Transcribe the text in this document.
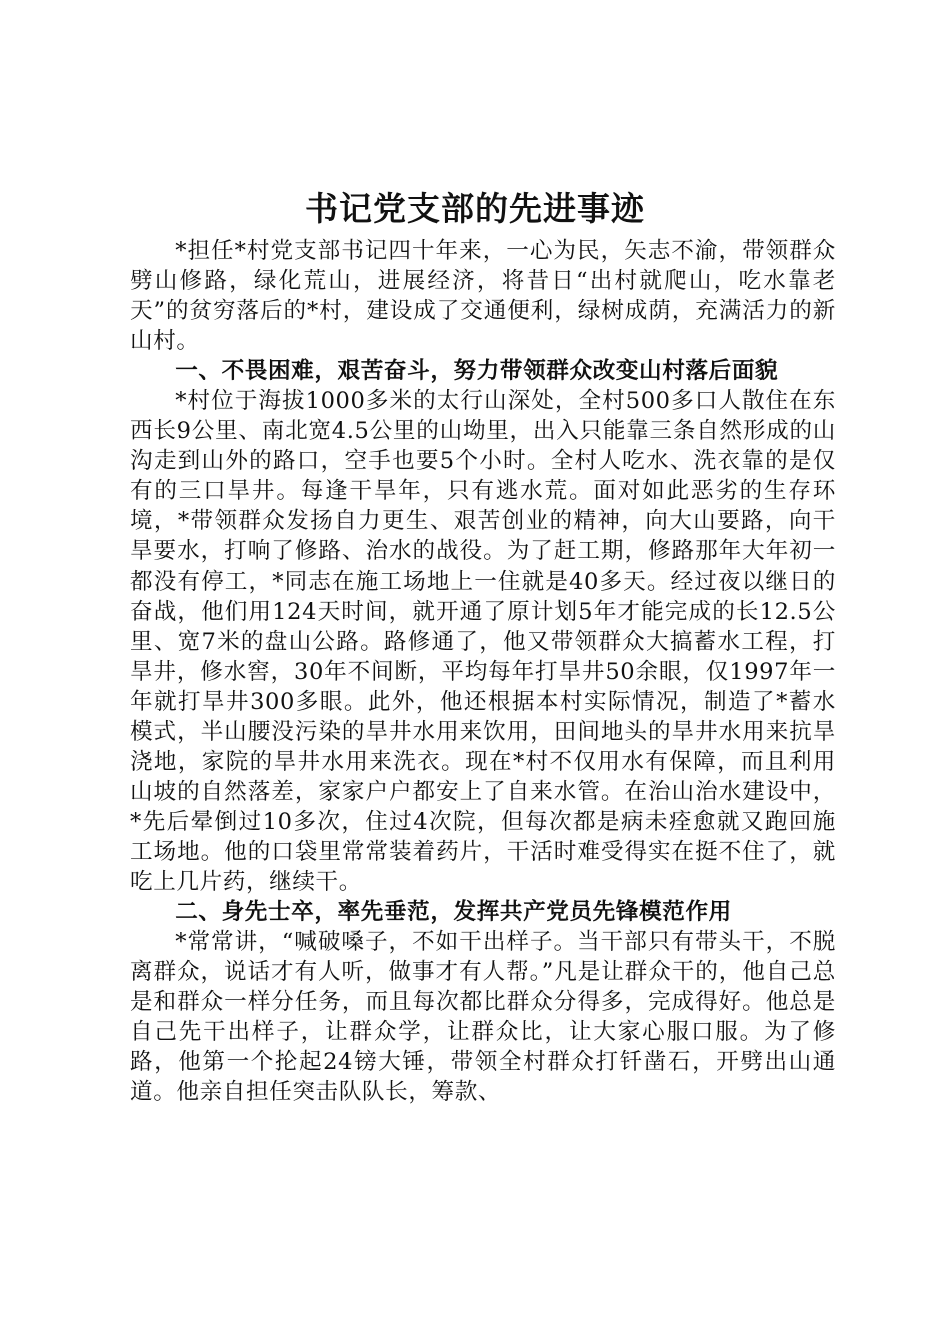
书记党支部的先进事迹

*担任*村党支部书记四十年来，一心为民，矢志不渝，带领群众劈山修路，绿化荒山，进展经济，将昔日“出村就爬山，吃水靠老天”的贫穷落后的*村，建设成了交通便利，绿树成荫，充满活力的新山村。

一、不畏困难，艰苦奋斗，努力带领群众改变山村落后面貌

*村位于海拔1000多米的太行山深处，全村500多口人散住在东西长9公里、南北宽4.5公里的山坳里，出入只能靠三条自然形成的山沟走到山外的路口，空手也要5个小时。全村人吃水、洗衣靠的是仅有的三口旱井。每逢干旱年，只有逃水荒。面对如此恶劣的生存环境，*带领群众发扬自力更生、艰苦创业的精神，向大山要路，向干旱要水，打响了修路、治水的战役。为了赶工期，修路那年大年初一都没有停工，*同志在施工场地上一住就是40多天。经过夜以继日的奋战，他们用124天时间，就开通了原计划5年才能完成的长12.5公里、宽7米的盘山公路。路修通了，他又带领群众大搞蓄水工程，打旱井，修水窖，30年不间断，平均每年打旱井50余眼，仅1997年一年就打旱井300多眼。此外，他还根据本村实际情况，制造了*蓄水模式，半山腰没污染的旱井水用来饮用，田间地头的旱井水用来抗旱浇地，家院的旱井水用来洗衣。现在*村不仅用水有保障，而且利用山坡的自然落差，家家户户都安上了自来水管。在治山治水建设中，*先后晕倒过10多次，住过4次院，但每次都是病未痊愈就又跑回施工场地。他的口袋里常常装着药片，干活时难受得实在挺不住了，就吃上几片药，继续干。

二、身先士卒，率先垂范，发挥共产党员先锋模范作用

*常常讲，“喊破嗓子，不如干出样子。当干部只有带头干，不脱离群众，说话才有人听，做事才有人帮。”凡是让群众干的，他自己总是和群众一样分任务，而且每次都比群众分得多，完成得好。他总是自己先干出样子，让群众学，让群众比，让大家心服口服。为了修路，他第一个抡起24镑大锤，带领全村群众打钎凿石，开劈出山通道。他亲自担任突击队队长，筹款、
